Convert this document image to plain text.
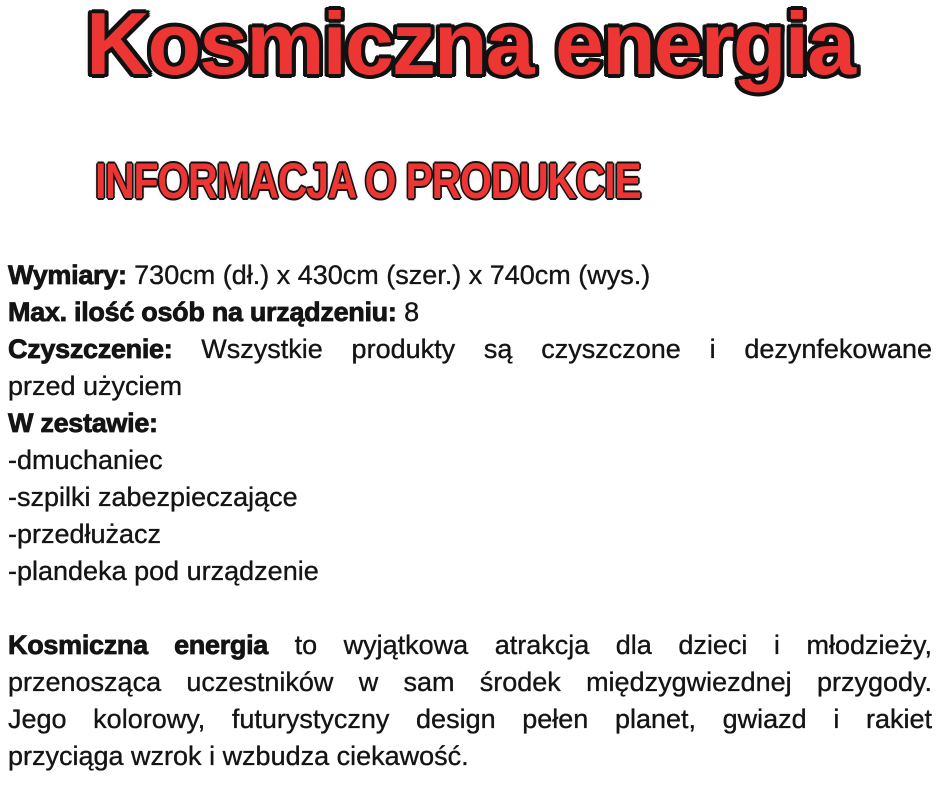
Kosmiczna energia
INFORMACJA O PRODUKCIE
Wymiary: 730cm (dł.) x 430cm (szer.) x 740cm (wys.)
Max. ilość osób na urządzeniu: 8
Czyszczenie: Wszystkie produkty są czyszczone i dezynfekowane
przed użyciem
W zestawie:
-dmuchaniec
-szpilki zabezpieczające
-przedłużacz
-plandeka pod urządzenie
Kosmiczna energia to wyjątkowa atrakcja dla dzieci i młodzieży,
przenosząca uczestników w sam środek międzygwiezdnej przygody.
Jego kolorowy, futurystyczny design pełen planet, gwiazd i rakiet
przyciąga wzrok i wzbudza ciekawość.
